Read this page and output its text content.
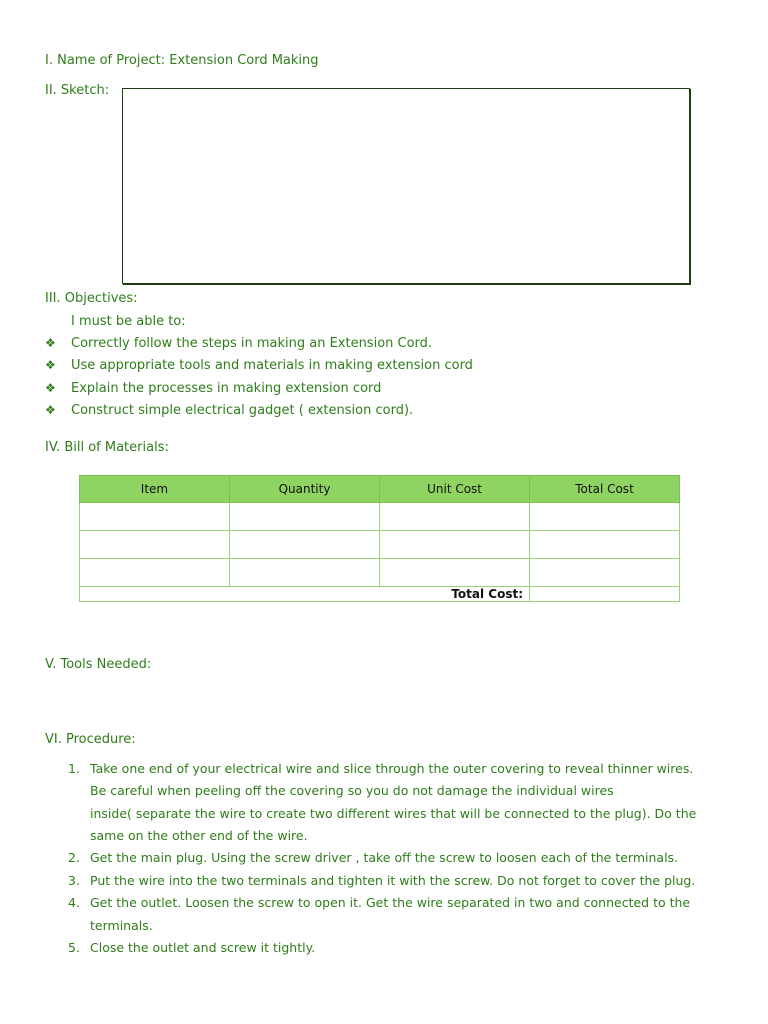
I. Name of Project: Extension Cord Making
II. Sketch:
III. Objectives:
I must be able to:
❖ Correctly follow the steps in making an Extension Cord.
❖ Use appropriate tools and materials in making extension cord
❖ Explain the processes in making extension cord
❖ Construct simple electrical gadget ( extension cord).
IV. Bill of Materials:
Item	Quantity	Unit Cost	Total Cost

Total Cost:			
V. Tools Needed:
VI. Procedure:
1. Take one end of your electrical wire and slice through the outer covering to reveal thinner wires.
Be careful when peeling off the covering so you do not damage the individual wires
inside( separate the wire to create two different wires that will be connected to the plug). Do the
same on the other end of the wire.
2. Get the main plug. Using the screw driver , take off the screw to loosen each of the terminals.
3. Put the wire into the two terminals and tighten it with the screw. Do not forget to cover the plug.
4. Get the outlet. Loosen the screw to open it. Get the wire separated in two and connected to the
terminals.
5. Close the outlet and screw it tightly.
